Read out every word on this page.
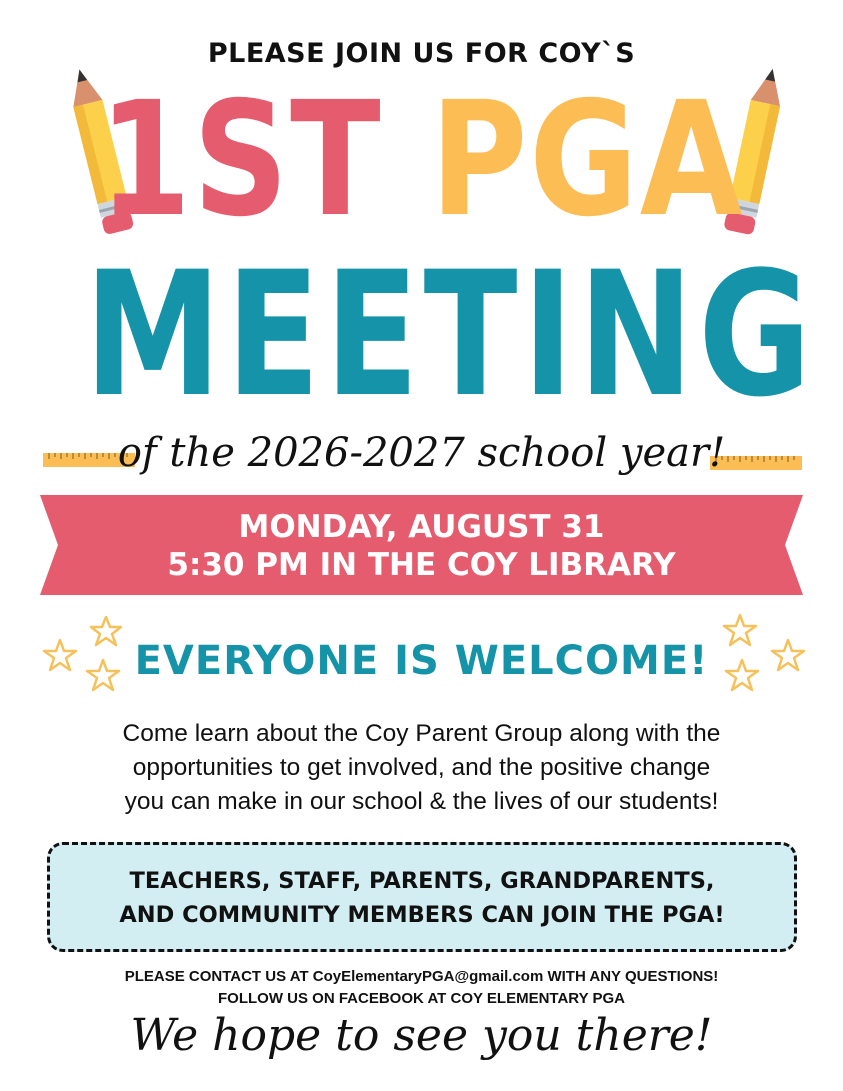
PLEASE JOIN US FOR COY`S
1ST PGA
MEETING
of the 2026-2027 school year!
MONDAY, AUGUST 31
5:30 PM IN THE COY LIBRARY
EVERYONE IS WELCOME!
Come learn about the Coy Parent Group along with the
opportunities to get involved, and the positive change
you can make in our school & the lives of our students!
TEACHERS, STAFF, PARENTS, GRANDPARENTS,
AND COMMUNITY MEMBERS CAN JOIN THE PGA!
PLEASE CONTACT US AT CoyElementaryPGA@gmail.com WITH ANY QUESTIONS!
FOLLOW US ON FACEBOOK AT COY ELEMENTARY PGA
We hope to see you there!
